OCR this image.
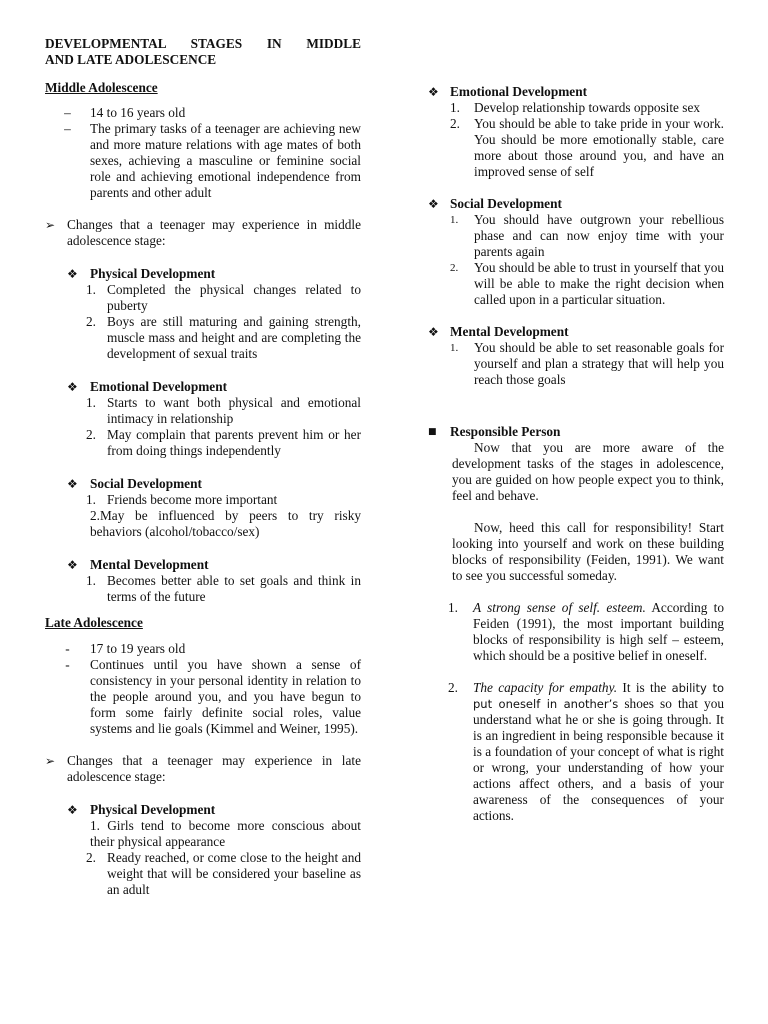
DEVELOPMENTAL STAGES IN MIDDLE

AND LATE ADOLESCENCE

Middle Adolescence

–	14 to 16 years old
–	The primary tasks of a teenager are achieving new and more mature relations with age mates of both sexes, achieving a masculine or feminine social role and achieving emotional independence from parents and other adult
➢ Changes that a teenager may experience in middle adolescence stage:
❖ Physical Development
1. Completed the physical changes related to puberty
2. Boys are still maturing and gaining strength, muscle mass and height and are completing the development of sexual traits
❖ Emotional Development
1. Starts to want both physical and emotional intimacy in relationship
2. May complain that parents prevent him or her from doing things independently
❖ Social Development
1. Friends become more important
2.May be influenced by peers to try risky behaviors (alcohol/tobacco/sex)
❖ Mental Development
1. Becomes better able to set goals and think in terms of the future

Late Adolescence

-	17 to 19 years old
-	Continues until you have shown a sense of consistency in your personal identity in relation to the people around you, and you have begun to form some fairly definite social roles, value systems and lie goals (Kimmel and Weiner, 1995).
➢ Changes that a teenager may experience in late adolescence stage:
❖ Physical Development
1. Girls tend to become more conscious about their physical appearance
2. Ready reached, or come close to the height and weight that will be considered your baseline as an adult
❖ Emotional Development
1.	Develop relationship towards opposite sex
2.	You should be able to take pride in your work. You should be more emotionally stable, care more about those around you, and have an improved sense of self
❖ Social Development
1.	You should have outgrown your rebellious phase and can now enjoy time with your parents again
2.	You should be able to trust in yourself that you will be able to make the right decision when called upon in a particular situation.
❖ Mental Development
1.	You should be able to set reasonable goals for yourself and plan a strategy that will help you reach those goals
■	Responsible Person
Now that you are more aware of the development tasks of the stages in adolescence, you are guided on how people expect you to think, feel and behave.
Now, heed this call for responsibility! Start looking into yourself and work on these building blocks of responsibility (Feiden, 1991). We want to see you successful someday.
1.	A strong sense of self. esteem. According to Feiden (1991), the most important building blocks of responsibility is high self – esteem, which should be a positive belief in oneself.
2.	The capacity for empathy. It is the ability to put oneself in another’s shoes so that you understand what he or she is going through. It is an ingredient in being responsible because it is a foundation of your concept of what is right or wrong, your understanding of how your actions affect others, and a basis of your awareness of the consequences of your actions.
